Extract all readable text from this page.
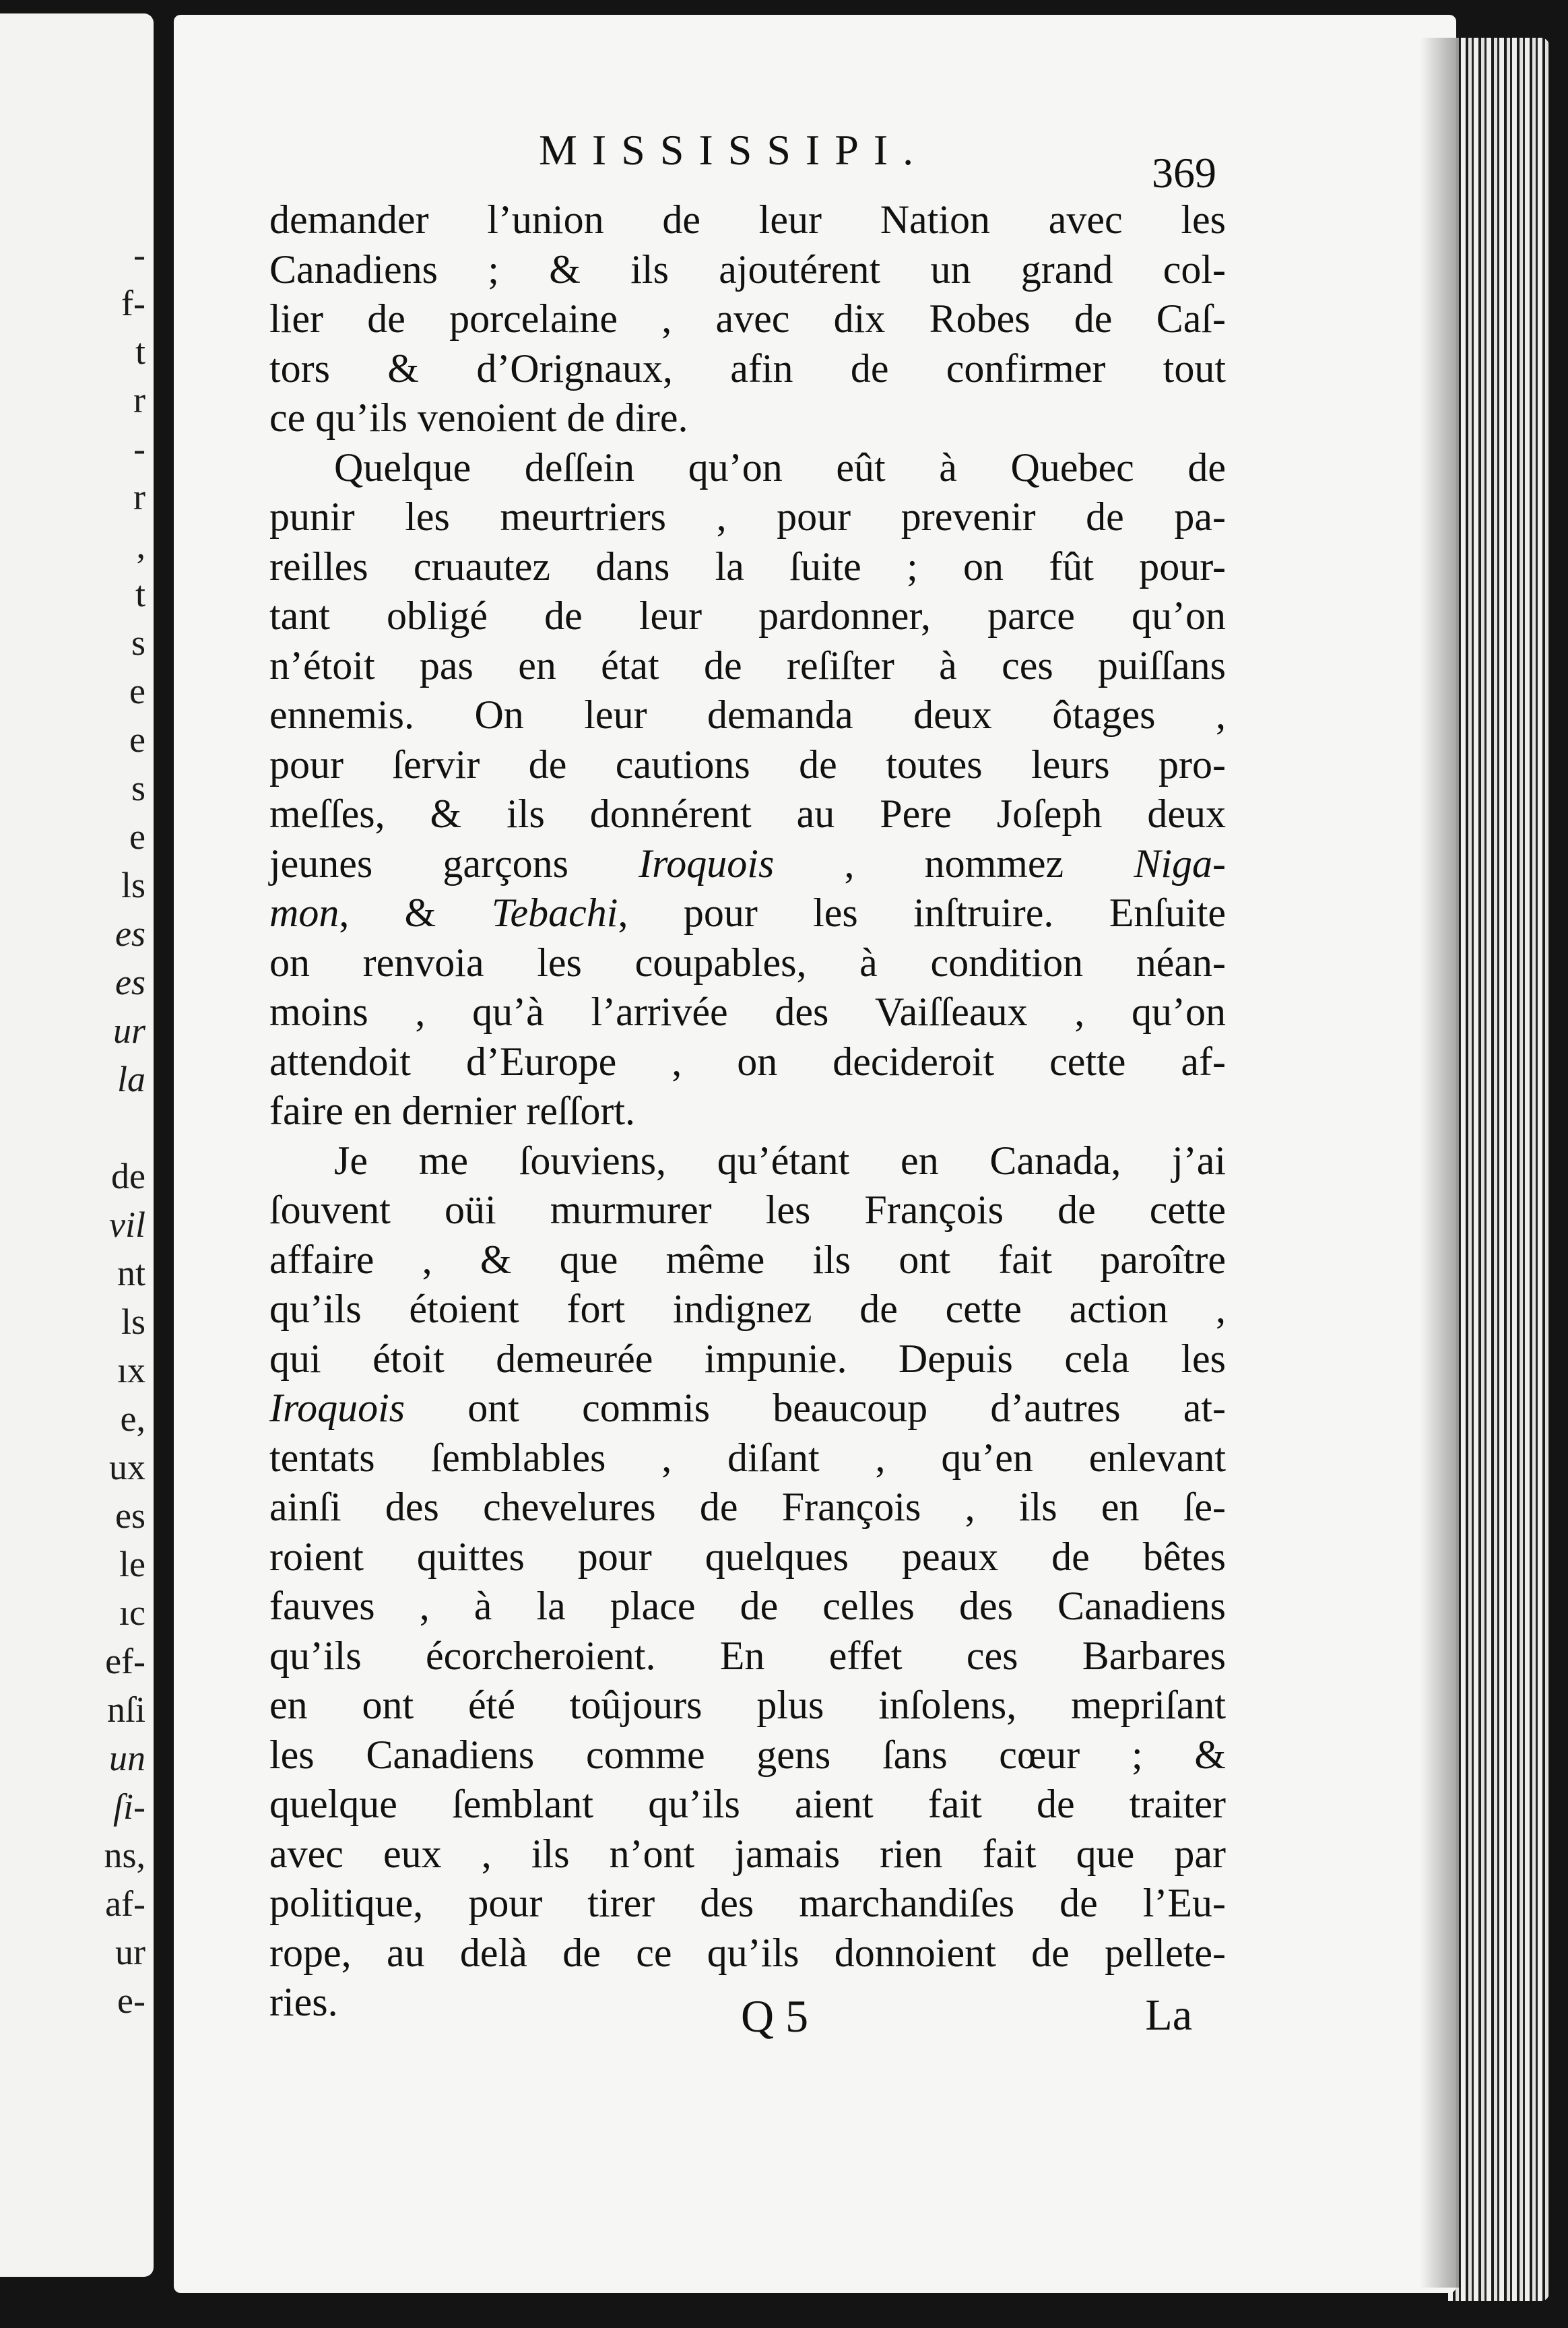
-
f-
t
r
-
r
,
t
s
e
e
s
e
ls
es
es
ur
la
de
vil
nt
ls
ıx
e,
ux
es
le
ıc
ef-
nſi
un
ſi-
ns,
af-
ur
e-
MISSISSIPI.	369
demander l’union de leur Nation avec les
Canadiens ; & ils ajoutérent un grand col-
lier de porcelaine , avec dix Robes de Caſ-
tors & d’Orignaux, afin de confirmer tout
ce qu’ils venoient de dire.
Quelque deſſein qu’on eût à Quebec de
punir les meurtriers , pour prevenir de pa-
reilles cruautez dans la ſuite ; on fût pour-
tant obligé de leur pardonner, parce qu’on
n’étoit pas en état de reſiſter à ces puiſſans
ennemis. On leur demanda deux ôtages ,
pour ſervir de cautions de toutes leurs pro-
meſſes, & ils donnérent au Pere Joſeph deux
jeunes garçons Iroquois , nommez Niga-
mon, & Tebachi, pour les inſtruire. Enſuite
on renvoia les coupables, à condition néan-
moins , qu’à l’arrivée des Vaiſſeaux , qu’on
attendoit d’Europe , on decideroit cette af-
faire en dernier reſſort.
Je me ſouviens, qu’étant en Canada, j’ai
ſouvent oüi murmurer les François de cette
affaire , & que même ils ont fait paroître
qu’ils étoient fort indignez de cette action ,
qui étoit demeurée impunie. Depuis cela les
Iroquois ont commis beaucoup d’autres at-
tentats ſemblables , diſant , qu’en enlevant
ainſi des chevelures de François , ils en ſe-
roient quittes pour quelques peaux de bêtes
fauves , à la place de celles des Canadiens
qu’ils écorcheroient. En effet ces Barbares
en ont été toûjours plus inſolens, mepriſant
les Canadiens comme gens ſans cœur ; &
quelque ſemblant qu’ils aient fait de traiter
avec eux , ils n’ont jamais rien fait que par
politique, pour tirer des marchandiſes de l’Eu-
rope, au delà de ce qu’ils donnoient de pellete-
ries.	Q 5	La
